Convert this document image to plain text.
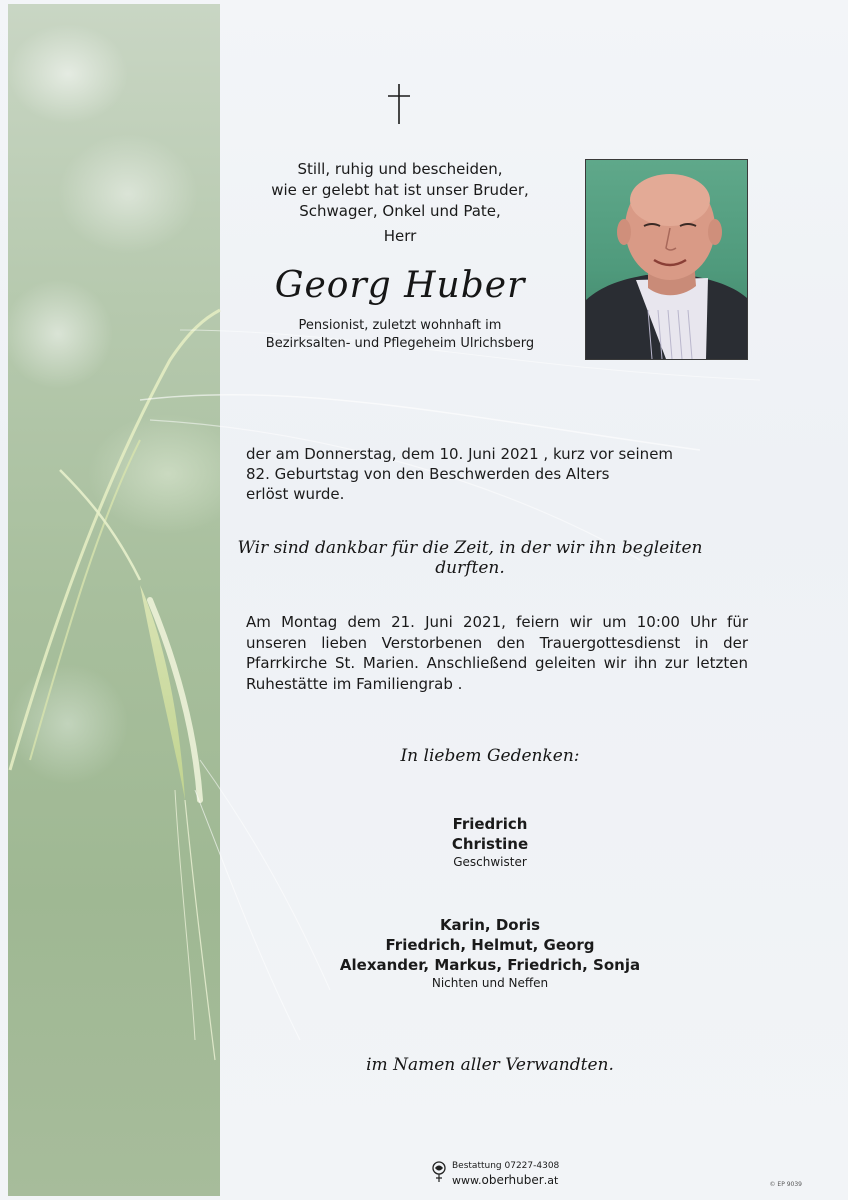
Still, ruhig und bescheiden,
wie er gelebt hat ist unser Bruder,
Schwager, Onkel und Pate,
Herr
Georg Huber
Pensionist, zuletzt wohnhaft im
Bezirksalten- und Pflegeheim Ulrichsberg
der am Donnerstag, dem 10. Juni 2021 , kurz vor seinem
82. Geburtstag von den Beschwerden des Alters
erlöst wurde.
Wir sind dankbar für die Zeit, in der wir ihn begleiten durften.
Am Montag dem 21. Juni 2021, feiern wir um 10:00 Uhr für unseren lieben Verstorbenen den Trauergottesdienst in der Pfarrkirche St. Marien. Anschließend geleiten wir ihn zur letzten Ruhestätte im Familiengrab .
In liebem Gedenken:
Friedrich
Christine
Geschwister
Karin, Doris
Friedrich, Helmut, Georg
Alexander, Markus, Friedrich, Sonja
Nichten und Neffen
im Namen aller Verwandten.
Bestattung 07227-4308
www.oberhuber.at	© EP 9039
